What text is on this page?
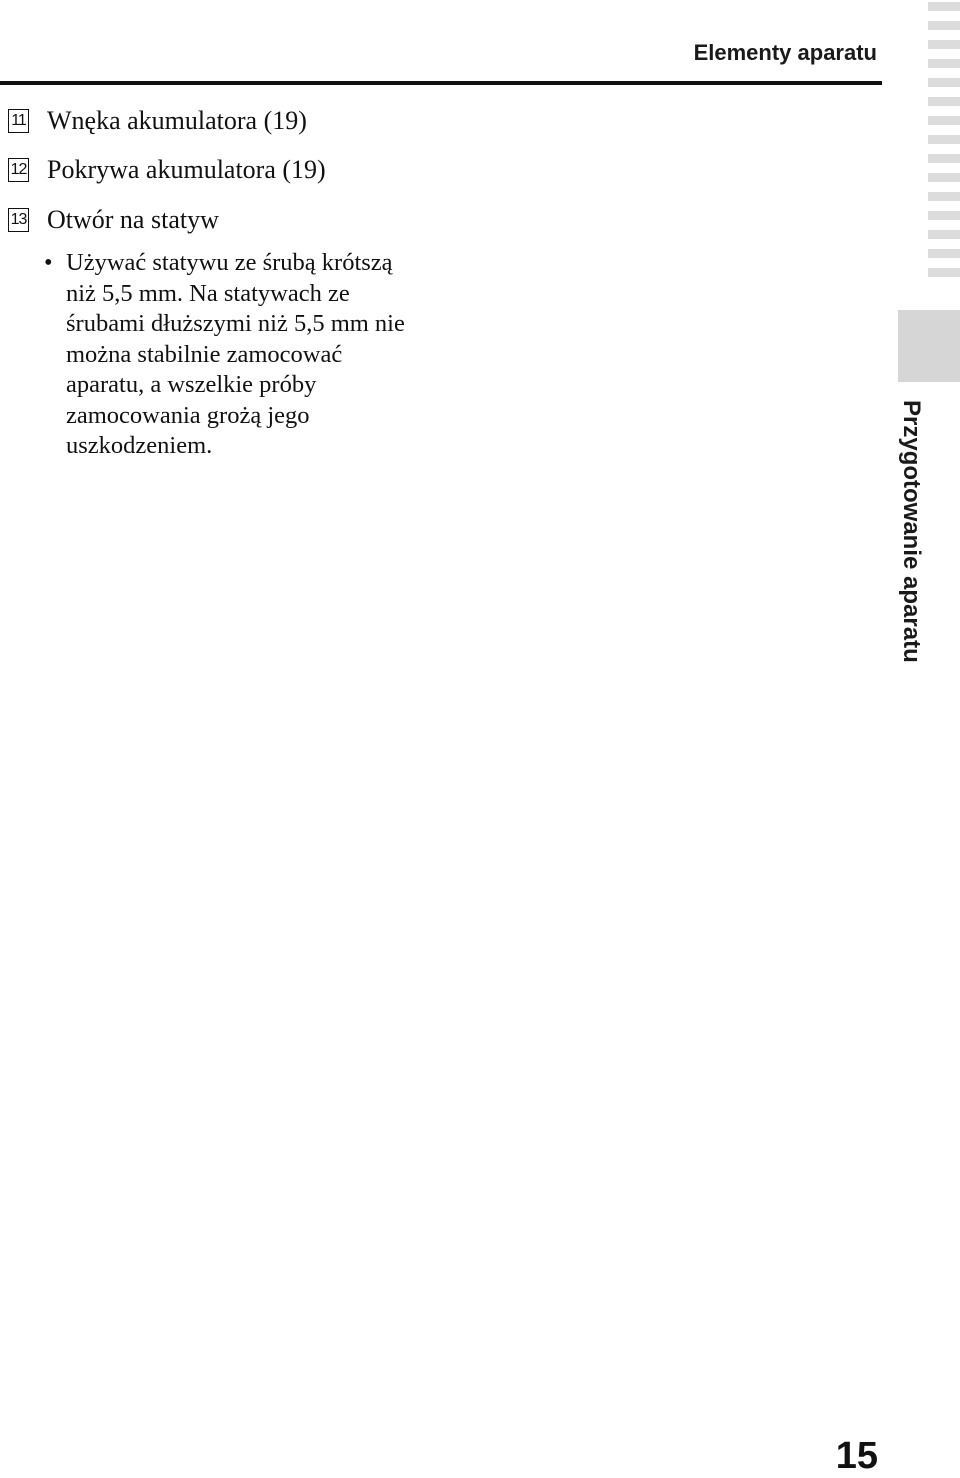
Elementy aparatu
11 Wnęka akumulatora (19)
12 Pokrywa akumulatora (19)
13 Otwór na statyw
• Używać statywu ze śrubą krótszą niż 5,5 mm. Na statywach ze śrubami dłuższymi niż 5,5 mm nie można stabilnie zamocować aparatu, a wszelkie próby zamocowania grożą jego uszkodzeniem.	Przygotowanie aparatu
15
